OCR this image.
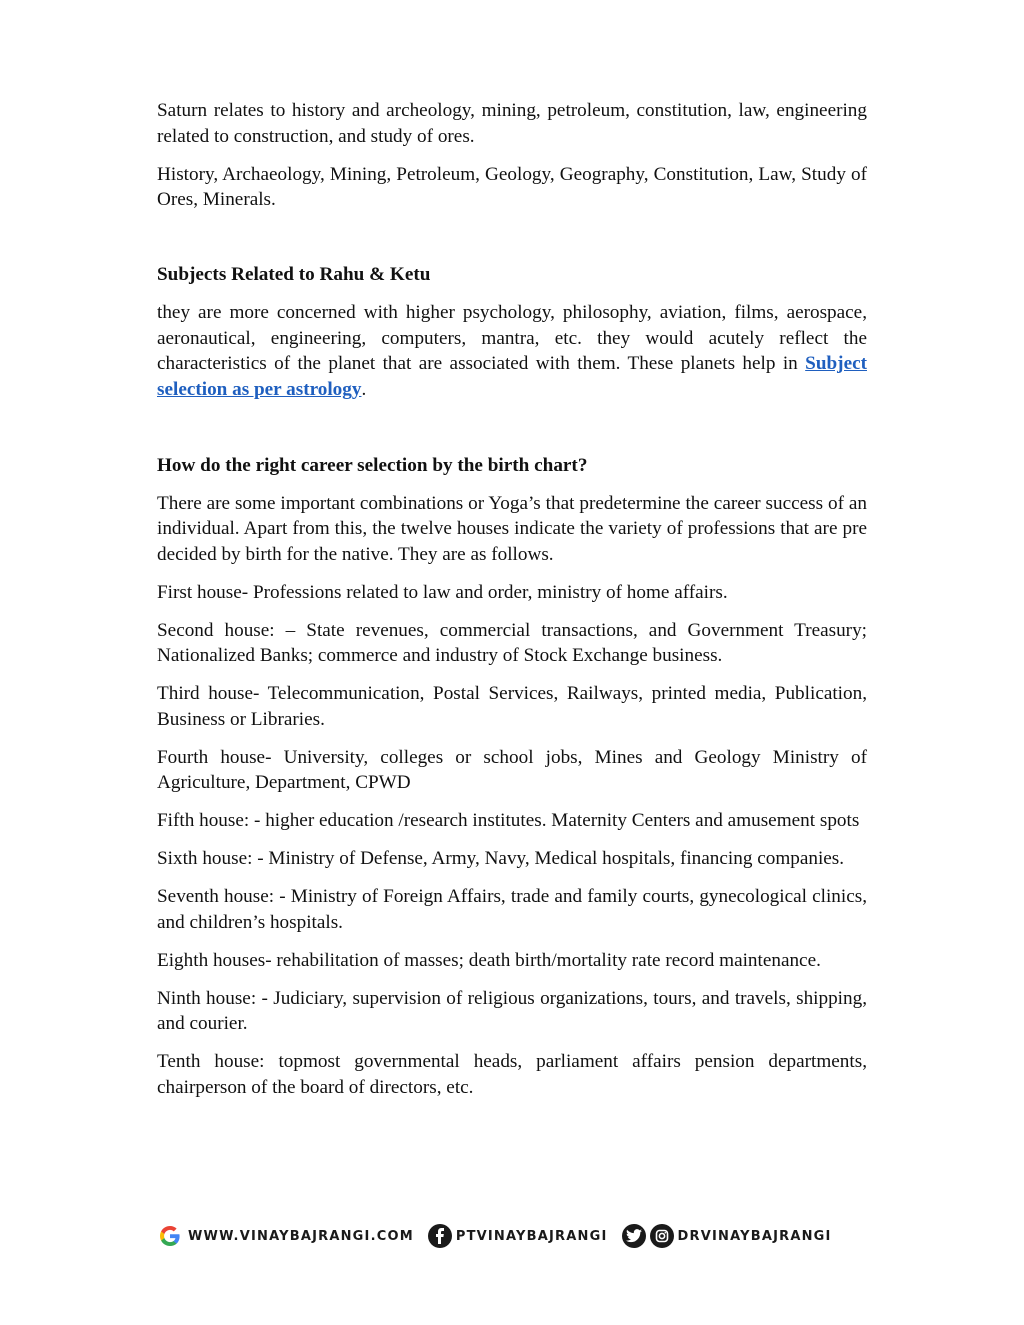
Saturn relates to history and archeology, mining, petroleum, constitution, law, engineering related to construction, and study of ores.

History, Archaeology, Mining, Petroleum, Geology, Geography, Constitution, Law, Study of Ores, Minerals.

Subjects Related to Rahu & Ketu

they are more concerned with higher psychology, philosophy, aviation, films, aerospace, aeronautical, engineering, computers, mantra, etc. they would acutely reflect the characteristics of the planet that are associated with them. These planets help in Subject selection as per astrology.

How do the right career selection by the birth chart?

There are some important combinations or Yoga’s that predetermine the career success of an individual. Apart from this, the twelve houses indicate the variety of professions that are pre decided by birth for the native. They are as follows.

First house- Professions related to law and order, ministry of home affairs.

Second house: – State revenues, commercial transactions, and Government Treasury; Nationalized Banks; commerce and industry of Stock Exchange business.

Third house- Telecommunication, Postal Services, Railways, printed media, Publication, Business or Libraries.

Fourth house- University, colleges or school jobs, Mines and Geology Ministry of Agriculture, Department, CPWD

Fifth house: - higher education /research institutes. Maternity Centers and amusement spots

Sixth house: - Ministry of Defense, Army, Navy, Medical hospitals, financing companies.

Seventh house: - Ministry of Foreign Affairs, trade and family courts, gynecological clinics, and children’s hospitals.

Eighth houses- rehabilitation of masses; death birth/mortality rate record maintenance.

Ninth house: - Judiciary, supervision of religious organizations, tours, and travels, shipping, and courier.

Tenth house: topmost governmental heads, parliament affairs pension departments, chairperson of the board of directors, etc.

WWW.VINAYBAJRANGI.COM	PTVINAYBAJRANGI	DRVINAYBAJRANGI
